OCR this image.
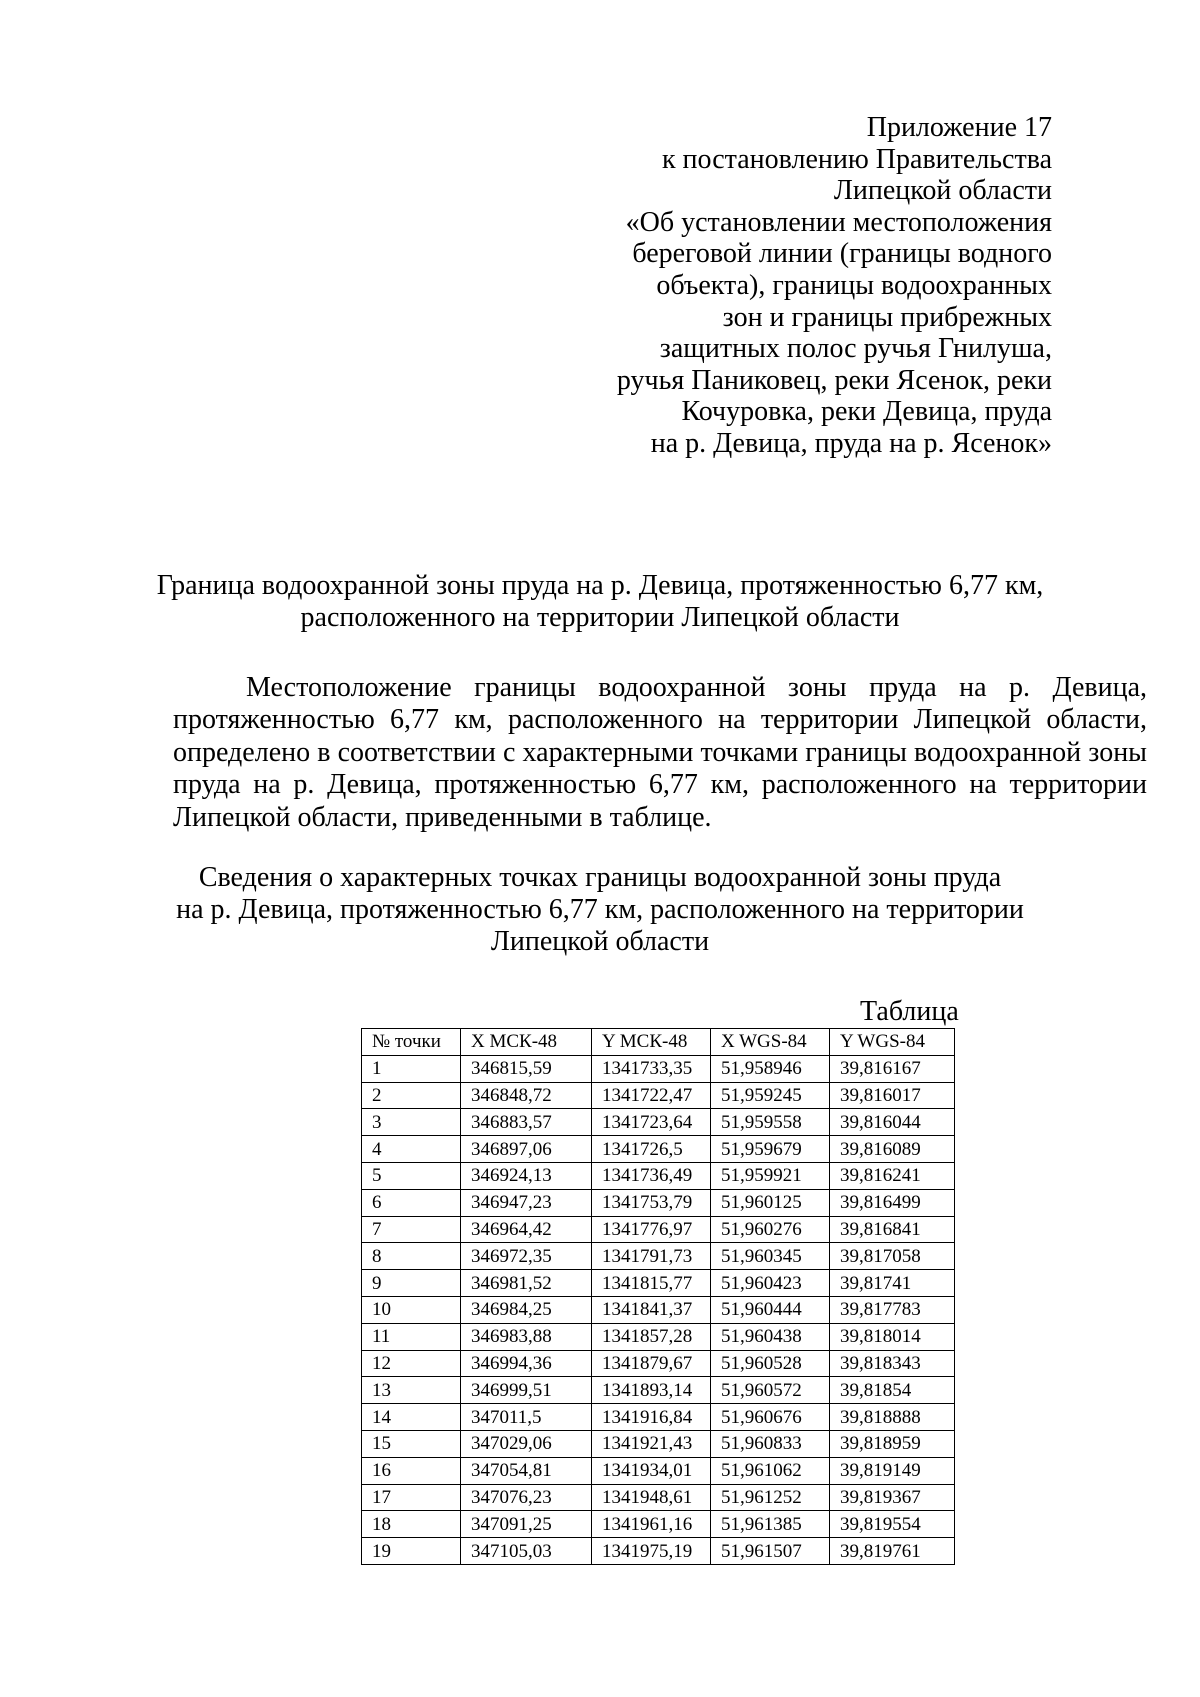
Приложение 17
к постановлению Правительства
Липецкой области
«Об установлении местоположения
береговой линии (границы водного
объекта), границы водоохранных
зон и границы прибрежных
защитных полос ручья Гнилуша,
ручья Паниковец, реки Ясенок, реки
Кочуровка, реки Девица, пруда
на р. Девица, пруда на р. Ясенок»
Граница водоохранной зоны пруда на р. Девица, протяженностью 6,77 км,
расположенного на территории Липецкой области
Местоположение границы водоохранной зоны пруда на р. Девица, протяженностью 6,77 км, расположенного на территории Липецкой области, определено в соответствии с характерными точками границы водоохранной зоны пруда на р. Девица, протяженностью 6,77 км, расположенного на территории Липецкой области, приведенными в таблице.
Сведения о характерных точках границы водоохранной зоны пруда
на р. Девица, протяженностью 6,77 км, расположенного на территории
Липецкой области
Таблица
№ точки	X МСК-48	Y МСК-48	X WGS-84	Y WGS-84
1	346815,59	1341733,35	51,958946	39,816167
2	346848,72	1341722,47	51,959245	39,816017
3	346883,57	1341723,64	51,959558	39,816044
4	346897,06	1341726,5	51,959679	39,816089
5	346924,13	1341736,49	51,959921	39,816241
6	346947,23	1341753,79	51,960125	39,816499
7	346964,42	1341776,97	51,960276	39,816841
8	346972,35	1341791,73	51,960345	39,817058
9	346981,52	1341815,77	51,960423	39,81741
10	346984,25	1341841,37	51,960444	39,817783
11	346983,88	1341857,28	51,960438	39,818014
12	346994,36	1341879,67	51,960528	39,818343
13	346999,51	1341893,14	51,960572	39,81854
14	347011,5	1341916,84	51,960676	39,818888
15	347029,06	1341921,43	51,960833	39,818959
16	347054,81	1341934,01	51,961062	39,819149
17	347076,23	1341948,61	51,961252	39,819367
18	347091,25	1341961,16	51,961385	39,819554
19	347105,03	1341975,19	51,961507	39,819761
